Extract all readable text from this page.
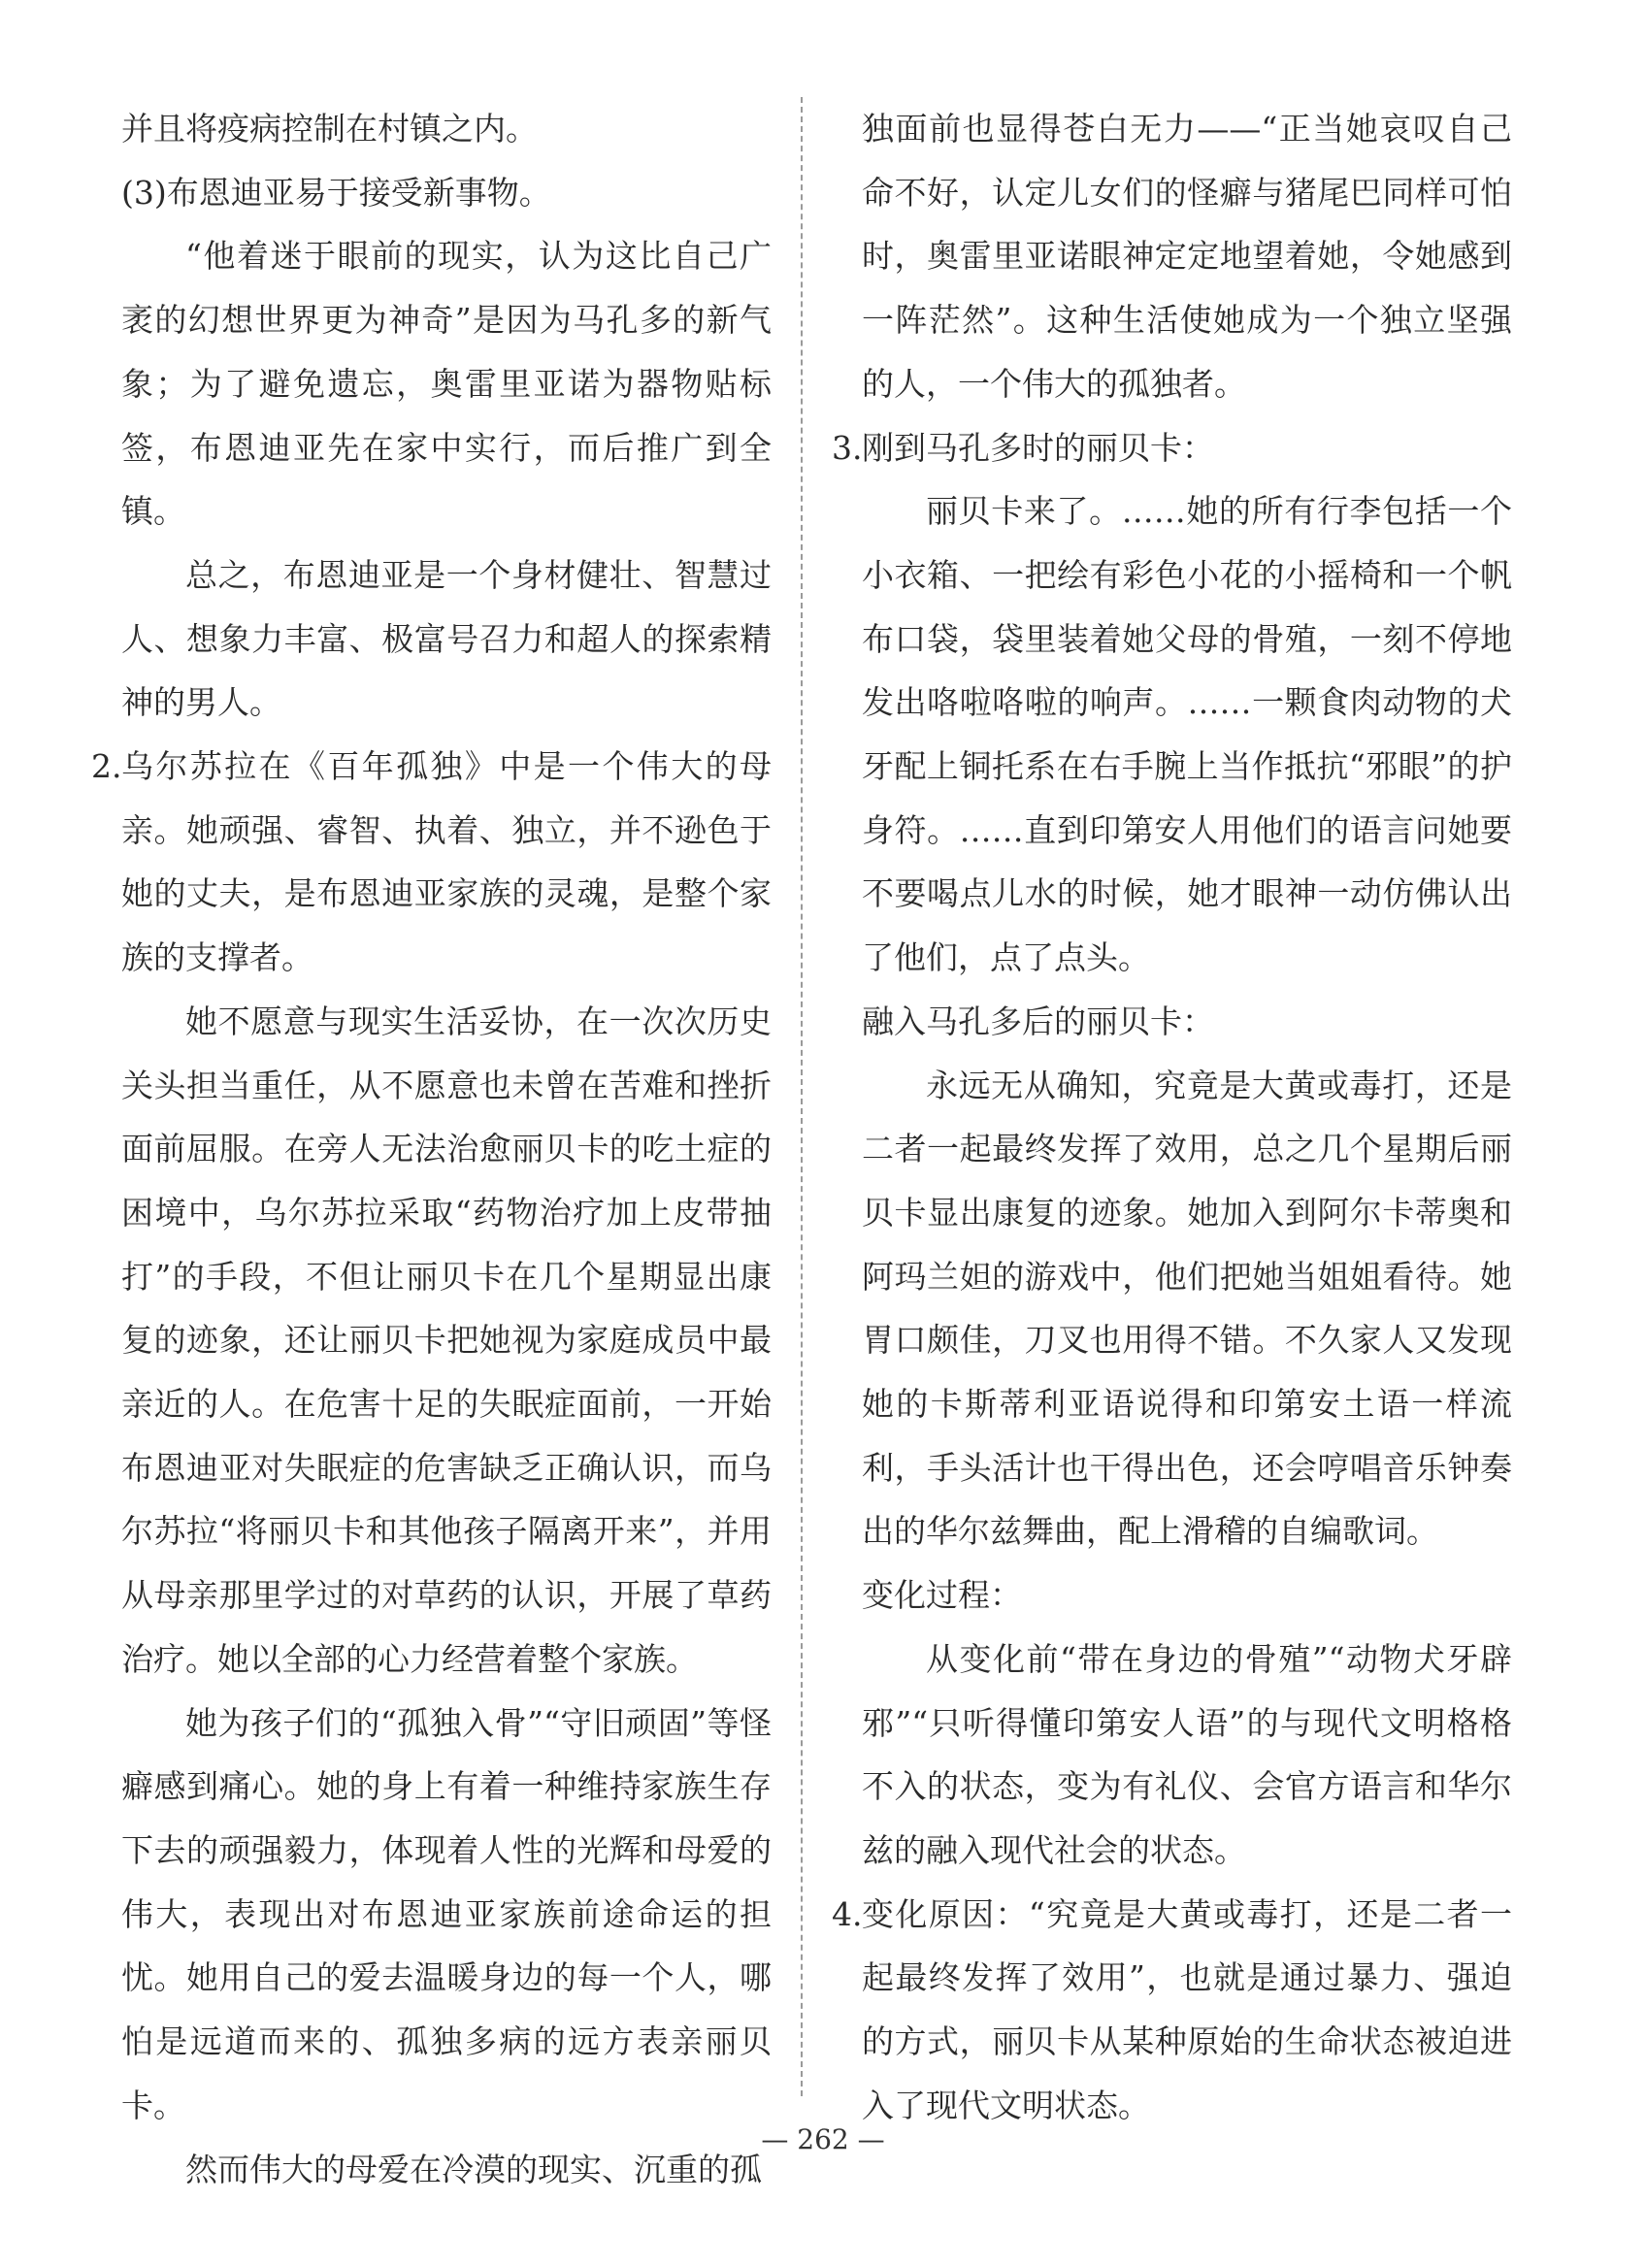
并且将疫病控制在村镇之内。

(3)布恩迪亚易于接受新事物。

“他着迷于眼前的现实，认为这比自己广袤的幻想世界更为神奇”是因为马孔多的新气象；为了避免遗忘，奥雷里亚诺为器物贴标签，布恩迪亚先在家中实行，而后推广到全镇。

总之，布恩迪亚是一个身材健壮、智慧过人、想象力丰富、极富号召力和超人的探索精神的男人。

2. 乌尔苏拉在《百年孤独》中是一个伟大的母亲。她顽强、睿智、执着、独立，并不逊色于她的丈夫，是布恩迪亚家族的灵魂，是整个家族的支撑者。

她不愿意与现实生活妥协，在一次次历史关头担当重任，从不愿意也未曾在苦难和挫折面前屈服。在旁人无法治愈丽贝卡的吃土症的困境中，乌尔苏拉采取“药物治疗加上皮带抽打”的手段，不但让丽贝卡在几个星期显出康复的迹象，还让丽贝卡把她视为家庭成员中最亲近的人。在危害十足的失眠症面前，一开始布恩迪亚对失眠症的危害缺乏正确认识，而乌尔苏拉“将丽贝卡和其他孩子隔离开来”，并用从母亲那里学过的对草药的认识，开展了草药治疗。她以全部的心力经营着整个家族。

她为孩子们的“孤独入骨”“守旧顽固”等怪癖感到痛心。她的身上有着一种维持家族生存下去的顽强毅力，体现着人性的光辉和母爱的伟大，表现出对布恩迪亚家族前途命运的担忧。她用自己的爱去温暖身边的每一个人，哪怕是远道而来的、孤独多病的远方表亲丽贝卡。

然而伟大的母爱在冷漠的现实、沉重的孤

独面前也显得苍白无力——“正当她哀叹自己命不好，认定儿女们的怪癖与猪尾巴同样可怕时，奥雷里亚诺眼神定定地望着她，令她感到一阵茫然”。这种生活使她成为一个独立坚强的人，一个伟大的孤独者。

3. 刚到马孔多时的丽贝卡：

丽贝卡来了。……她的所有行李包括一个小衣箱、一把绘有彩色小花的小摇椅和一个帆布口袋，袋里装着她父母的骨殖，一刻不停地发出咯啦咯啦的响声。……一颗食肉动物的犬牙配上铜托系在右手腕上当作抵抗“邪眼”的护身符。……直到印第安人用他们的语言问她要不要喝点儿水的时候，她才眼神一动仿佛认出了他们，点了点头。

融入马孔多后的丽贝卡：

永远无从确知，究竟是大黄或毒打，还是二者一起最终发挥了效用，总之几个星期后丽贝卡显出康复的迹象。她加入到阿尔卡蒂奥和阿玛兰妲的游戏中，他们把她当姐姐看待。她胃口颇佳，刀叉也用得不错。不久家人又发现她的卡斯蒂利亚语说得和印第安土语一样流利，手头活计也干得出色，还会哼唱音乐钟奏出的华尔兹舞曲，配上滑稽的自编歌词。

变化过程：

从变化前“带在身边的骨殖”“动物犬牙辟邪”“只听得懂印第安人语”的与现代文明格格不入的状态，变为有礼仪、会官方语言和华尔兹的融入现代社会的状态。

4. 变化原因：“究竟是大黄或毒打，还是二者一起最终发挥了效用”，也就是通过暴力、强迫的方式，丽贝卡从某种原始的生命状态被迫进入了现代文明状态。

— 262 —
